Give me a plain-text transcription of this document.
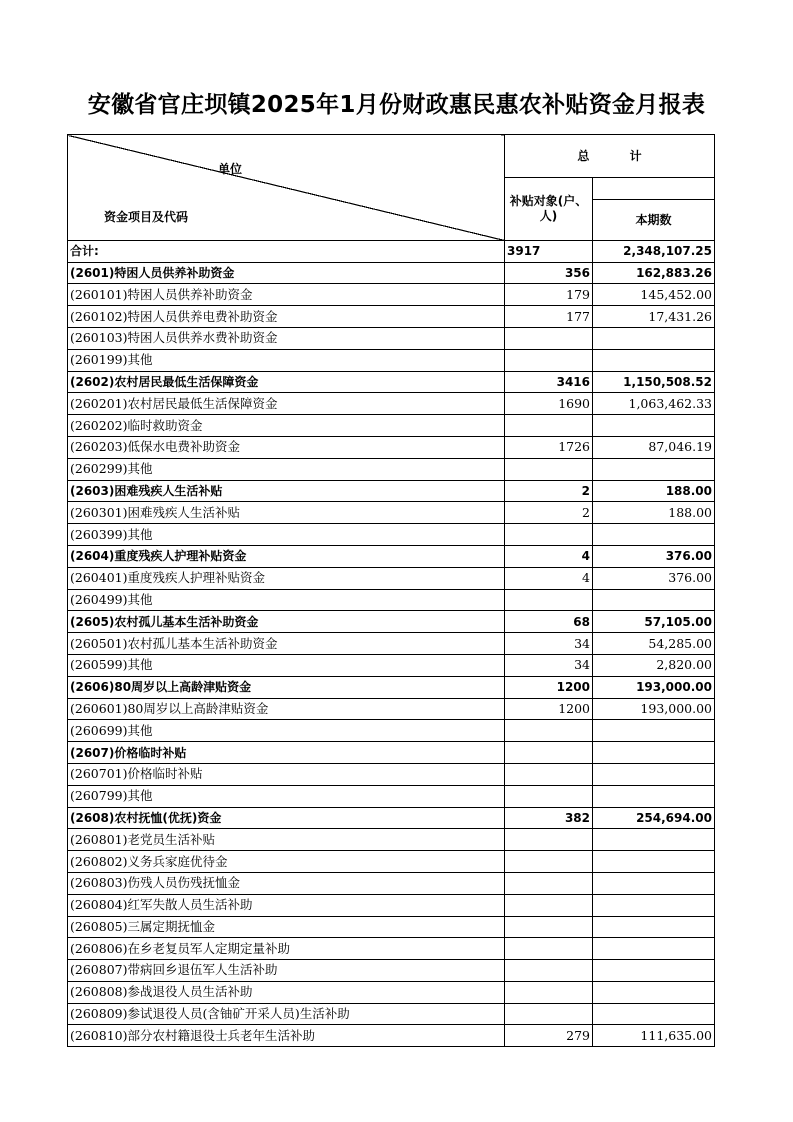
安徽省官庄坝镇2025年1月份财政惠民惠农补贴资金月报表
单位
资金项目及代码	总 计	
	补贴对象(户、人)	
		本期数
合计:	3917	2,348,107.25
(2601)特困人员供养补助资金	356	162,883.26
(260101)特困人员供养补助资金	179	145,452.00
(260102)特困人员供养电费补助资金	177	17,431.26
(260103)特困人员供养水费补助资金		
(260199)其他		
(2602)农村居民最低生活保障资金	3416	1,150,508.52
(260201)农村居民最低生活保障资金	1690	1,063,462.33
(260202)临时救助资金		
(260203)低保水电费补助资金	1726	87,046.19
(260299)其他		
(2603)困难残疾人生活补贴	2	188.00
(260301)困难残疾人生活补贴	2	188.00
(260399)其他		
(2604)重度残疾人护理补贴资金	4	376.00
(260401)重度残疾人护理补贴资金	4	376.00
(260499)其他		
(2605)农村孤儿基本生活补助资金	68	57,105.00
(260501)农村孤儿基本生活补助资金	34	54,285.00
(260599)其他	34	2,820.00
(2606)80周岁以上高龄津贴资金	1200	193,000.00
(260601)80周岁以上高龄津贴资金	1200	193,000.00
(260699)其他		
(2607)价格临时补贴		
(260701)价格临时补贴		
(260799)其他		
(2608)农村抚恤(优抚)资金	382	254,694.00
(260801)老党员生活补贴		
(260802)义务兵家庭优待金		
(260803)伤残人员伤残抚恤金		
(260804)红军失散人员生活补助		
(260805)三属定期抚恤金		
(260806)在乡老复员军人定期定量补助		
(260807)带病回乡退伍军人生活补助		
(260808)参战退役人员生活补助		
(260809)参试退役人员(含铀矿开采人员)生活补助		
(260810)部分农村籍退役士兵老年生活补助	279	111,635.00
